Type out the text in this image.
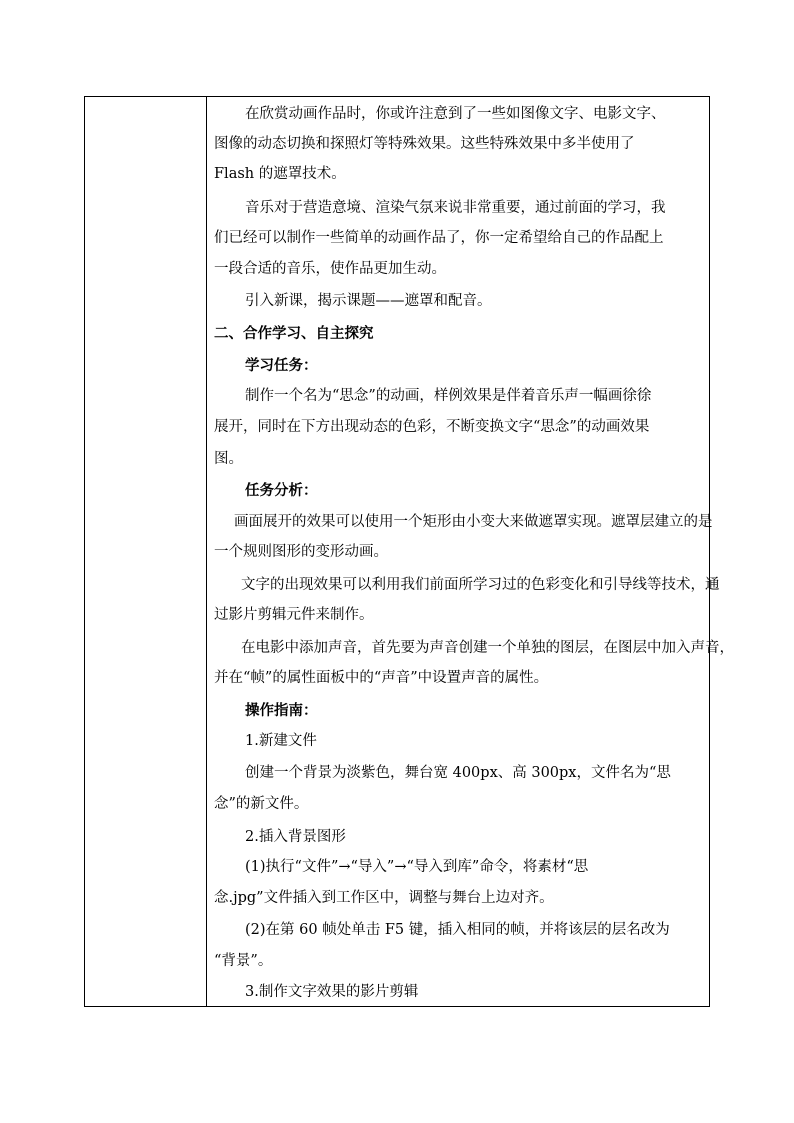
在欣赏动画作品时，你或许注意到了一些如图像文字、电影文字、
图像的动态切换和探照灯等特殊效果。这些特殊效果中多半使用了
Flash 的遮罩技术。
音乐对于营造意境、渲染气氛来说非常重要，通过前面的学习，我
们已经可以制作一些简单的动画作品了，你一定希望给自己的作品配上
一段合适的音乐，使作品更加生动。
引入新课，揭示课题——遮罩和配音。
二、合作学习、自主探究
学习任务：
制作一个名为“思念”的动画，样例效果是伴着音乐声一幅画徐徐
展开，同时在下方出现动态的色彩，不断变换文字“思念”的动画效果
图。
任务分析：
画面展开的效果可以使用一个矩形由小变大来做遮罩实现。遮罩层建立的是
一个规则图形的变形动画。
文字的出现效果可以利用我们前面所学习过的色彩变化和引导线等技术，通
过影片剪辑元件来制作。
在电影中添加声音，首先要为声音创建一个单独的图层，在图层中加入声音，
并在“帧”的属性面板中的“声音”中设置声音的属性。
操作指南：
1.新建文件
创建一个背景为淡紫色，舞台宽 400px、高 300px，文件名为“思
念”的新文件。
2.插入背景图形
(1)执行“文件”→“导入”→“导入到库”命令，将素材“思
念.jpg”文件插入到工作区中，调整与舞台上边对齐。
(2)在第 60 帧处单击 F5 键，插入相同的帧，并将该层的层名改为
“背景”。
3.制作文字效果的影片剪辑
